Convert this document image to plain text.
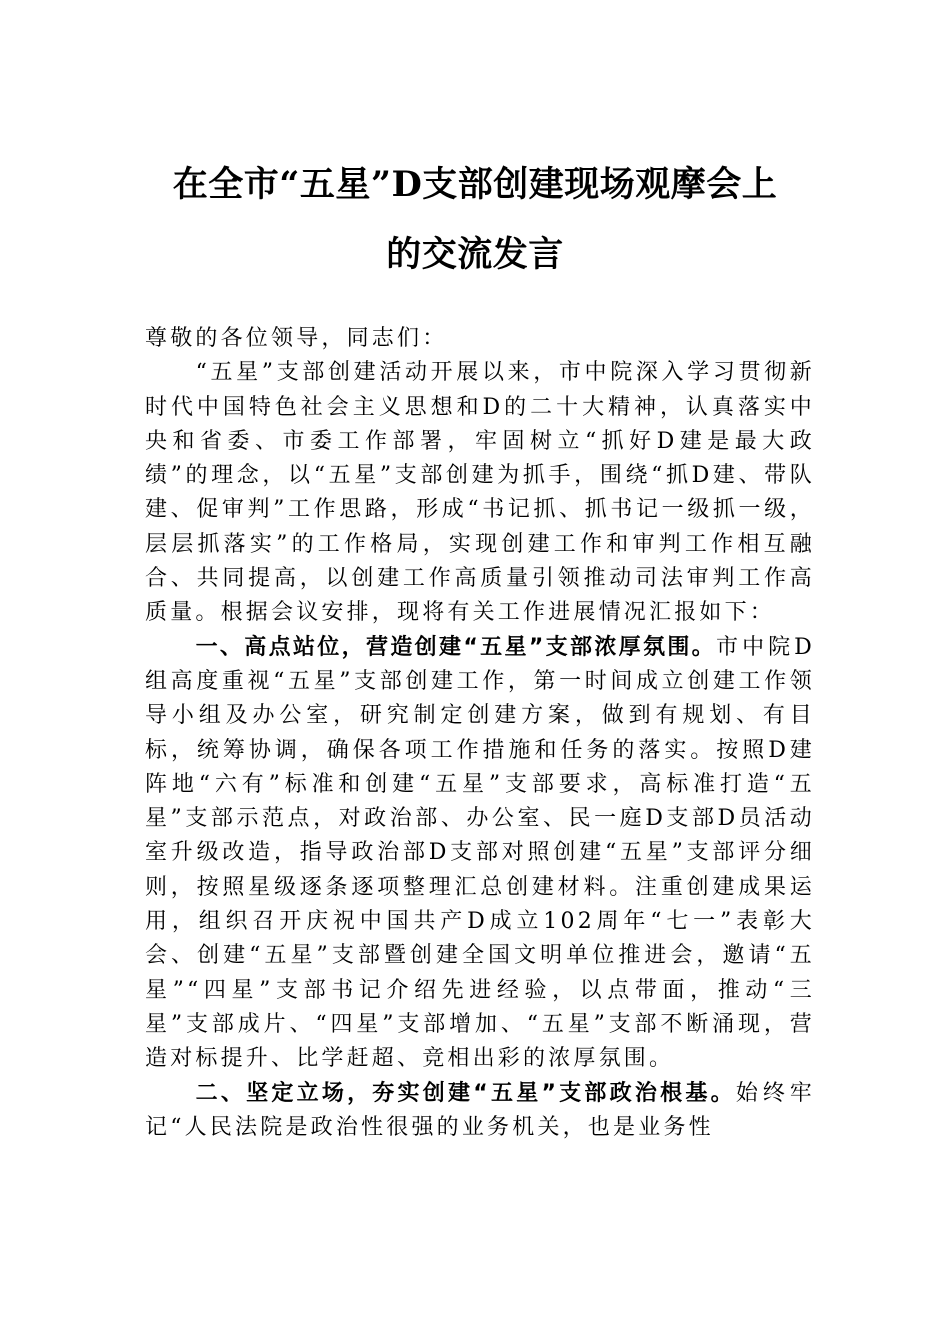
在全市“五星”D支部创建现场观摩会上
的交流发言

尊敬的各位领导，同志们：

“五星”支部创建活动开展以来，市中院深入学习贯彻新时代中国特色社会主义思想和D的二十大精神，认真落实中央和省委、市委工作部署，牢固树立“抓好D建是最大政绩”的理念，以“五星”支部创建为抓手，围绕“抓D建、带队建、促审判”工作思路，形成“书记抓、抓书记一级抓一级，层层抓落实”的工作格局，实现创建工作和审判工作相互融合、共同提高，以创建工作高质量引领推动司法审判工作高质量。根据会议安排，现将有关工作进展情况汇报如下：

一、高点站位，营造创建“五星”支部浓厚氛围。市中院D组高度重视“五星”支部创建工作，第一时间成立创建工作领导小组及办公室，研究制定创建方案，做到有规划、有目标，统筹协调，确保各项工作措施和任务的落实。按照D建阵地“六有”标准和创建“五星”支部要求，高标准打造“五星”支部示范点，对政治部、办公室、民一庭D支部D员活动室升级改造，指导政治部D支部对照创建“五星”支部评分细则，按照星级逐条逐项整理汇总创建材料。注重创建成果运用，组织召开庆祝中国共产D成立102周年“七一”表彰大会、创建“五星”支部暨创建全国文明单位推进会，邀请“五星”“四星”支部书记介绍先进经验，以点带面，推动“三星”支部成片、“四星”支部增加、“五星”支部不断涌现，营造对标提升、比学赶超、竞相出彩的浓厚氛围。

二、坚定立场，夯实创建“五星”支部政治根基。始终牢记“人民法院是政治性很强的业务机关，也是业务性
